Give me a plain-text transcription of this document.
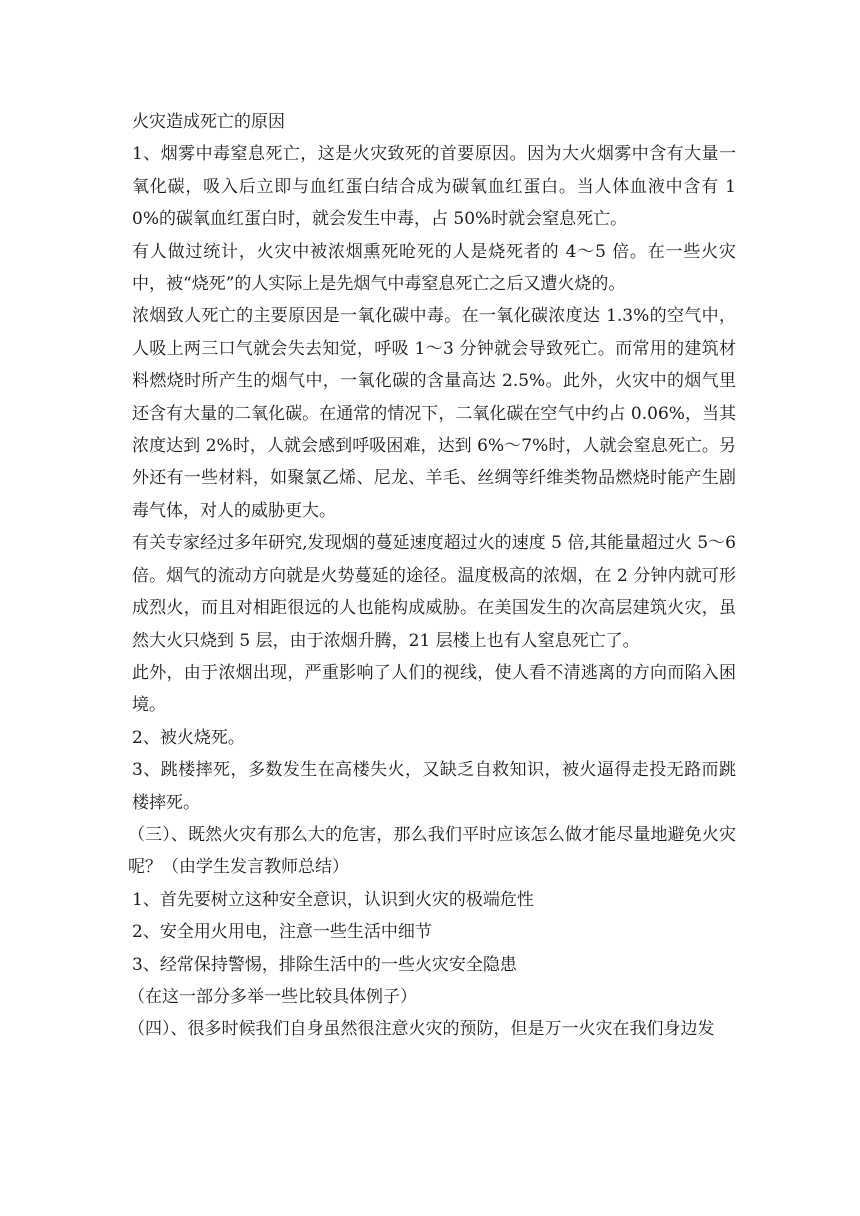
火灾造成死亡的原因

1、烟雾中毒窒息死亡，这是火灾致死的首要原因。因为大火烟雾中含有大量一氧化碳，吸入后立即与血红蛋白结合成为碳氧血红蛋白。当人体血液中含有 10%的碳氧血红蛋白时，就会发生中毒，占 50%时就会窒息死亡。

有人做过统计，火灾中被浓烟熏死呛死的人是烧死者的 4～5 倍。在一些火灾中，被“烧死”的人实际上是先烟气中毒窒息死亡之后又遭火烧的。

浓烟致人死亡的主要原因是一氧化碳中毒。在一氧化碳浓度达 1.3%的空气中，人吸上两三口气就会失去知觉，呼吸 1～3 分钟就会导致死亡。而常用的建筑材料燃烧时所产生的烟气中，一氧化碳的含量高达 2.5%。此外，火灾中的烟气里还含有大量的二氧化碳。在通常的情况下，二氧化碳在空气中约占 0.06%，当其浓度达到 2%时，人就会感到呼吸困难，达到 6%～7%时，人就会窒息死亡。另外还有一些材料，如聚氯乙烯、尼龙、羊毛、丝绸等纤维类物品燃烧时能产生剧毒气体，对人的威胁更大。

有关专家经过多年研究,发现烟的蔓延速度超过火的速度 5 倍,其能量超过火 5～6 倍。烟气的流动方向就是火势蔓延的途径。温度极高的浓烟，在 2 分钟内就可形成烈火，而且对相距很远的人也能构成威胁。在美国发生的次高层建筑火灾，虽然大火只烧到 5 层，由于浓烟升腾，21 层楼上也有人窒息死亡了。

此外，由于浓烟出现，严重影响了人们的视线，使人看不清逃离的方向而陷入困境。

2、被火烧死。

3、跳楼摔死，多数发生在高楼失火，又缺乏自救知识，被火逼得走投无路而跳楼摔死。

（三）、既然火灾有那么大的危害，那么我们平时应该怎么做才能尽量地避免火灾呢？（由学生发言教师总结）

1、首先要树立这种安全意识，认识到火灾的极端危性

2、安全用火用电，注意一些生活中细节

3、经常保持警惕，排除生活中的一些火灾安全隐患

（在这一部分多举一些比较具体例子）

（四）、很多时候我们自身虽然很注意火灾的预防，但是万一火灾在我们身边发
